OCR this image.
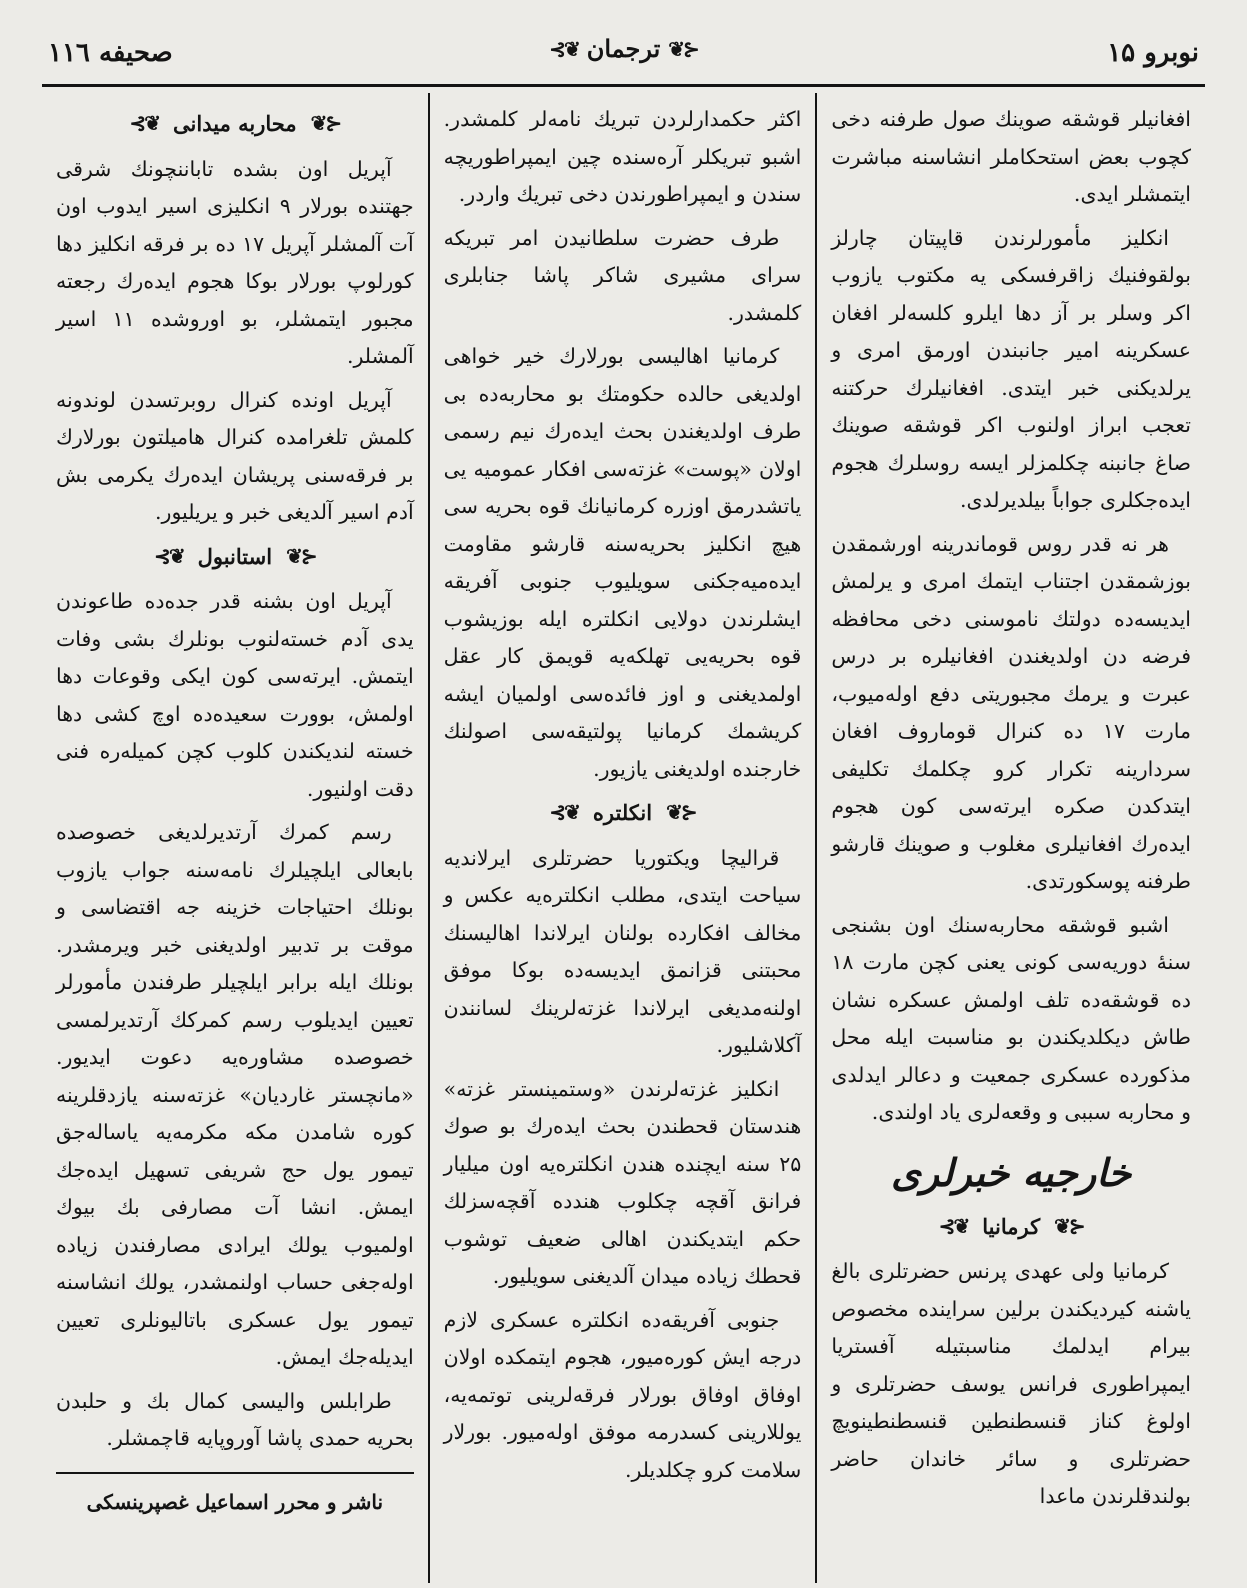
نوبرو ۱۵
⊰❦
ترجمان
❦⊱
صحيفه ۱۱٦

افغانيلر قوشقه صوينك صول طرفنه دخى كچوب بعض استحكاملر انشاسنه مباشرت ايتمشلر ايدى.

انكليز مأمورلرندن قاپيتان چارلز بولقوفنيك زاقرفسكى يه مكتوب يازوب اكر وسلر بر آز دها ايلرو كلسه‌لر افغان عسكرينه امير جانبندن اورمق امرى و يرلديكنى خبر ايتدى. افغانيلرك حركتنه تعجب ابراز اولنوب اكر قوشقه صوينك صاغ جانبنه چكلمزلر ايسه روسلرك هجوم ايده‌جكلرى جواباً بيلديرلدى.

هر نه قدر روس قوماندرينه اورشمقدن بوزشمقدن اجتناب ايتمك امرى و يرلمش ايديسه‌ده دولتك ناموسنى دخى محافظه فرضه دن اولديغندن افغانيلره بر درس عبرت و يرمك مجبوريتى دفع اوله‌ميوب، مارت ۱۷ ده كنرال قوماروف افغان سردارينه تكرار كرو چكلمك تكليفى ايتدكدن صكره ايرته‌سى كون هجوم ايده‌رك افغانيلرى مغلوب و صوينك قارشو طرفنه پوسكورتدى.

اشبو قوشقه محاربه‌سنك اون بشنجى سنهٔ دوريه‌سى كونى يعنى كچن مارت ۱۸ ده قوشقه‌ده تلف اولمش عسكره نشان طاش ديكلديكندن بو مناسبت ايله محل مذكورده عسكرى جمعيت و دعالر ايدلدى و محاربه سببى و وقعه‌لرى ياد اولندى.

خارجيه خبرلرى
⊰❦
كرمانيا
❦⊱

كرمانيا ولى عهدى پرنس حضرتلرى بالغ ياشنه كيرديكندن برلين سراينده مخصوص بيرام ايدلمك مناسبتيله آفستريا ايمپراطورى فرانس يوسف حضرتلرى و اولوغ كناز قنسطنطين قنسطنطينويچ حضرتلرى و سائر خاندان حاضر بولندقلرندن ماعدا

اكثر حكمدارلردن تبريك نامه‌لر كلمشدر. اشبو تبريكلر آره‌سنده چين ايمپراطوريچه سندن و ايمپراطورندن دخى تبريك واردر.

طرف حضرت سلطانيدن امر تبريكه سراى مشيرى شاكر پاشا جنابلرى كلمشدر.

كرمانيا اهاليسى بورلارك خير خواهى اولديغى حالده حكومتك بو محاربه‌ده بى طرف اولديغندن بحث ايده‌رك نيم رسمى اولان «پوست» غزته‌سى افكار عموميه يى ياتشدرمق اوزره كرمانيانك قوه بحريه سى هيچ انكليز بحريه‌سنه قارشو مقاومت ايده‌ميه‌جكنى سويليوب جنوبى آفريقه ايشلرندن دولايى انكلتره ايله بوزيشوب قوه بحريه‌يى تهلكه‌يه قويمق كار عقل اولمديغنى و اوز فائده‌سى اولميان ايشه كريشمك كرمانيا پولتيقه‌سى اصولنك خارجنده اولديغنى يازيور.

⊰❦
انكلتره
❦⊱

قراليچا ويكتوريا حضرتلرى ايرلانديه سياحت ايتدى، مطلب انكلتره‌يه عكس و مخالف افكارده بولنان ايرلاندا اهاليسنك محبتنى قزانمق ايديسه‌ده بوكا موفق اولنه‌مديغى ايرلاندا غزته‌لرينك لسانندن آكلاشليور.

انكليز غزته‌لرندن «وستمينستر غزته» هندستان قحطندن بحث ايده‌رك بو صوك ۲۵ سنه ايچنده هندن انكلتره‌يه اون ميليار فرانق آقچه چكلوب هندده آقچه‌سزلك حكم ايتديكندن اهالى ضعيف توشوب قحطك زياده ميدان آلديغنى سويليور.

جنوبى آفريقه‌ده انكلتره عسكرى لازم درجه ايش كوره‌ميور، هجوم ايتمكده اولان اوفاق اوفاق بورلار فرقه‌لرينى توتمه‌يه، يوللارينى كسدرمه موفق اوله‌ميور. بورلار سلامت كرو چكلديلر.

⊰❦
محاربه ميدانى
❦⊱

آپريل اون بشده تاباننچونك شرقى جهتنده بورلار ۹ انكليزى اسير ايدوب اون آت آلمشلر آپريل ۱۷ ده بر فرقه انكليز دها كورلوپ بورلار بوكا هجوم ايده‌رك رجعته مجبور ايتمشلر، بو اوروشده ۱۱ اسير آلمشلر.

آپريل اونده كنرال روبرتسدن لوندونه كلمش تلغرامده كنرال هاميلتون بورلارك بر فرقه‌سنى پريشان ايده‌رك يكرمى بش آدم اسير آلديغى خبر و يريليور.

⊰❦
استانبول
❦⊱

آپريل اون بشنه قدر جده‌ده طاعوندن يدى آدم خسته‌لنوب بونلرك بشى وفات ايتمش. ايرته‌سى كون ايكى وقوعات دها اولمش، بوورت سعيده‌ده اوچ كشى دها خسته لنديكندن كلوب كچن كميله‌ره فنى دقت اولنيور.

رسم كمرك آرتديرلديغى خصوصده بابعالى ايلچيلرك نامه‌سنه جواب يازوب بونلك احتياجات خزينه جه اقتضاسى و موقت بر تدبير اولديغنى خبر ويرمشدر. بونلك ايله برابر ايلچيلر طرفندن مأمورلر تعيين ايديلوب رسم كمركك آرتديرلمسى خصوصده مشاوره‌يه دعوت ايديور. «مانچستر غارديان» غزته‌سنه يازدقلرينه كوره شامدن مكه مكرمه‌يه ياساله‌جق تيمور يول حج شريفى تسهيل ايده‌جك ايمش. انشا آت مصارفى بك بيوك اولميوب يولك ايرادى مصارفندن زياده اوله‌جغى حساب اولنمشدر، يولك انشاسنه تيمور يول عسكرى باتاليونلرى تعيين ايديله‌جك ايمش.

طرابلس واليسى كمال بك و حلبدن بحريه حمدى پاشا آوروپايه قاچمشلر.

ناشر و محرر اسماعيل غصپرينسكى
